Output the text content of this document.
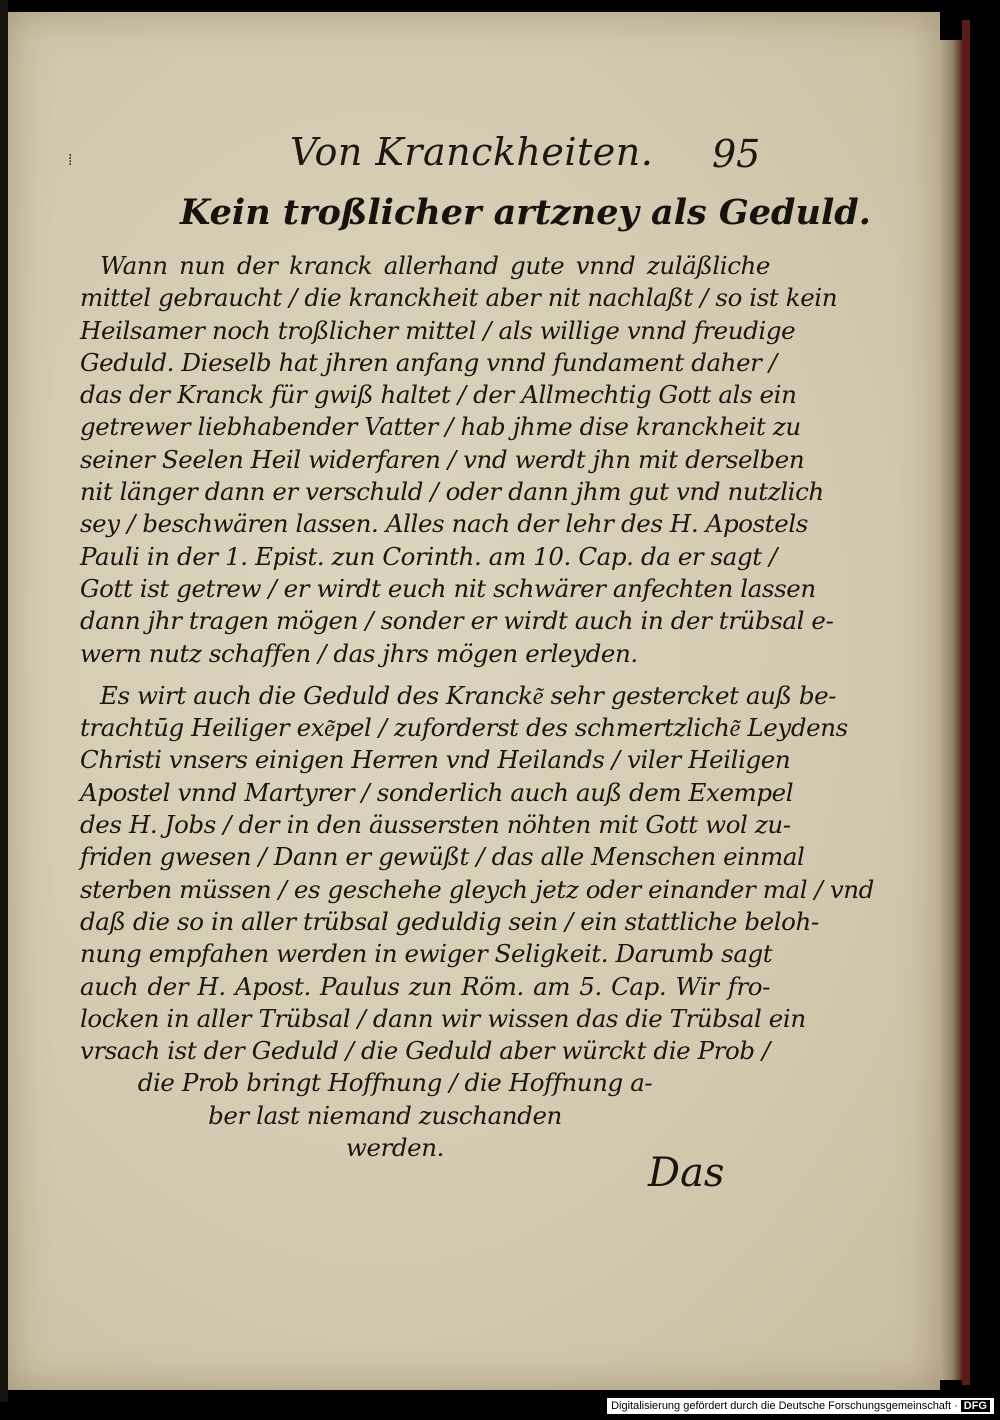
⁞	Von Kranckheiten. 95
Kein troßlicher artzney als Geduld.
Wann nun der kranck allerhand gute vnnd zuläßliche
mittel gebraucht / die kranckheit aber nit nachlaßt / so ist kein
Heilsamer noch troßlicher mittel / als willige vnnd freudige
Geduld. Dieselb hat jhren anfang vnnd fundament daher /
das der Kranck für gwiß haltet / der Allmechtig Gott als ein
getrewer liebhabender Vatter / hab jhme dise kranckheit zu
seiner Seelen Heil widerfaren / vnd werdt jhn mit derselben
nit länger dann er verschuld / oder dann jhm gut vnd nutzlich
sey / beschwären lassen. Alles nach der lehr des H. Apostels
Pauli in der 1. Epist. zun Corinth. am 10. Cap. da er sagt /
Gott ist getrew / er wirdt euch nit schwärer anfechten lassen
dann jhr tragen mögen / sonder er wirdt auch in der trübsal e-
wern nutz schaffen / das jhrs mögen erleyden.
Es wirt auch die Geduld des Krancke͂ sehr gestercket auß be-
trachtūg Heiliger exe͂pel / zuforderst des schmertzliche͂ Leydens
Christi vnsers einigen Herren vnd Heilands / viler Heiligen
Apostel vnnd Martyrer / sonderlich auch auß dem Exempel
des H. Jobs / der in den äussersten nöhten mit Gott wol zu-
friden gwesen / Dann er gewüßt / das alle Menschen einmal
sterben müssen / es geschehe gleych jetz oder einander mal / vnd
daß die so in aller trübsal geduldig sein / ein stattliche beloh-
nung empfahen werden in ewiger Seligkeit. Darumb sagt
auch der H. Apost. Paulus zun Röm. am 5. Cap. Wir fro-
locken in aller Trübsal / dann wir wissen das die Trübsal ein
vrsach ist der Geduld / die Geduld aber würckt die Prob /
die Prob bringt Hoffnung / die Hoffnung a-
ber last niemand zuschanden
werden.
Das
Digitalisierung gefördert durch die Deutsche Forschungsgemeinschaft · DFG
